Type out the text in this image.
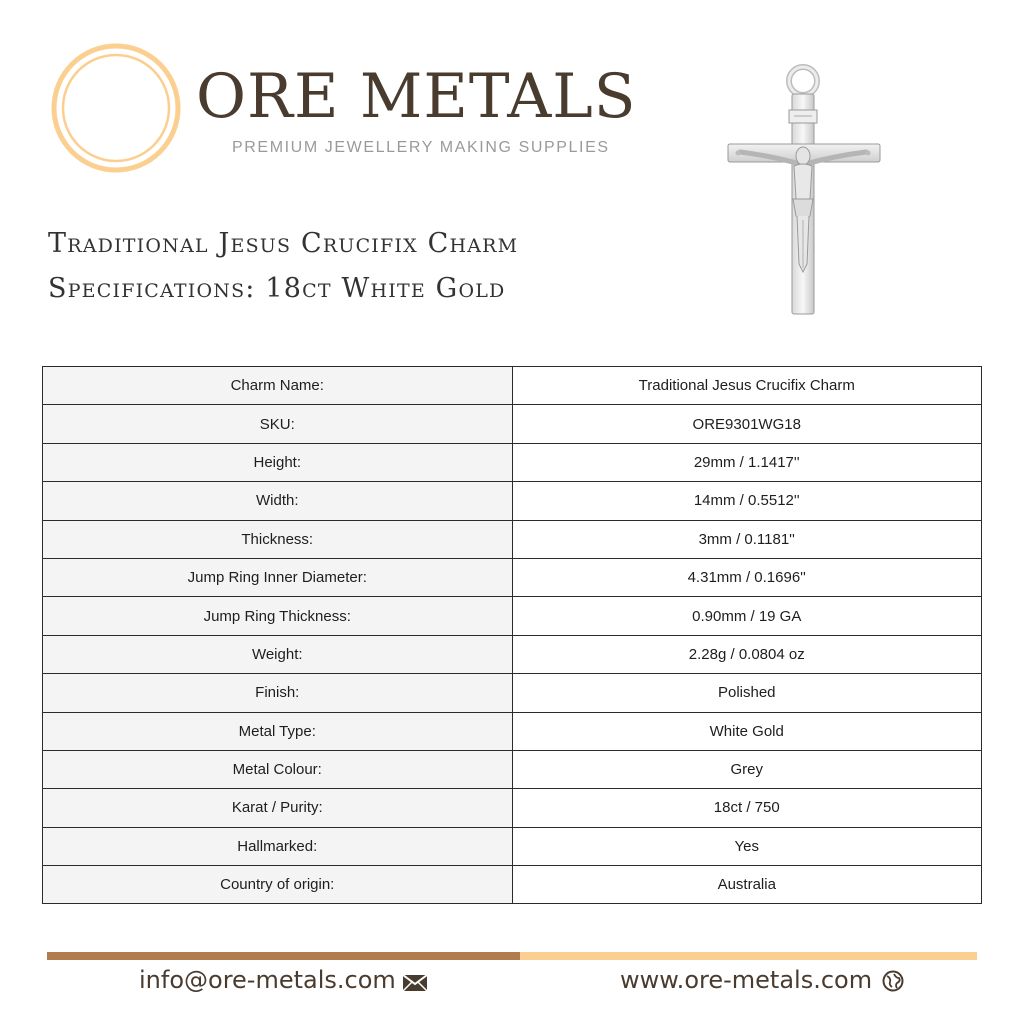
ORE METALS
PREMIUM JEWELLERY MAKING SUPPLIES
Traditional Jesus Crucifix Charm
Specifications: 18ct White Gold
Charm Name:	Traditional Jesus Crucifix Charm
SKU:	ORE9301WG18
Height:	29mm / 1.1417''
Width:	14mm / 0.5512''
Thickness:	3mm / 0.1181''
Jump Ring Inner Diameter:	4.31mm / 0.1696''
Jump Ring Thickness:	0.90mm / 19 GA
Weight:	2.28g / 0.0804 oz
Finish:	Polished
Metal Type:	White Gold
Metal Colour:	Grey
Karat / Purity:	18ct / 750
Hallmarked:	Yes
Country of origin:	Australia
info@ore-metals.com	www.ore-metals.com
